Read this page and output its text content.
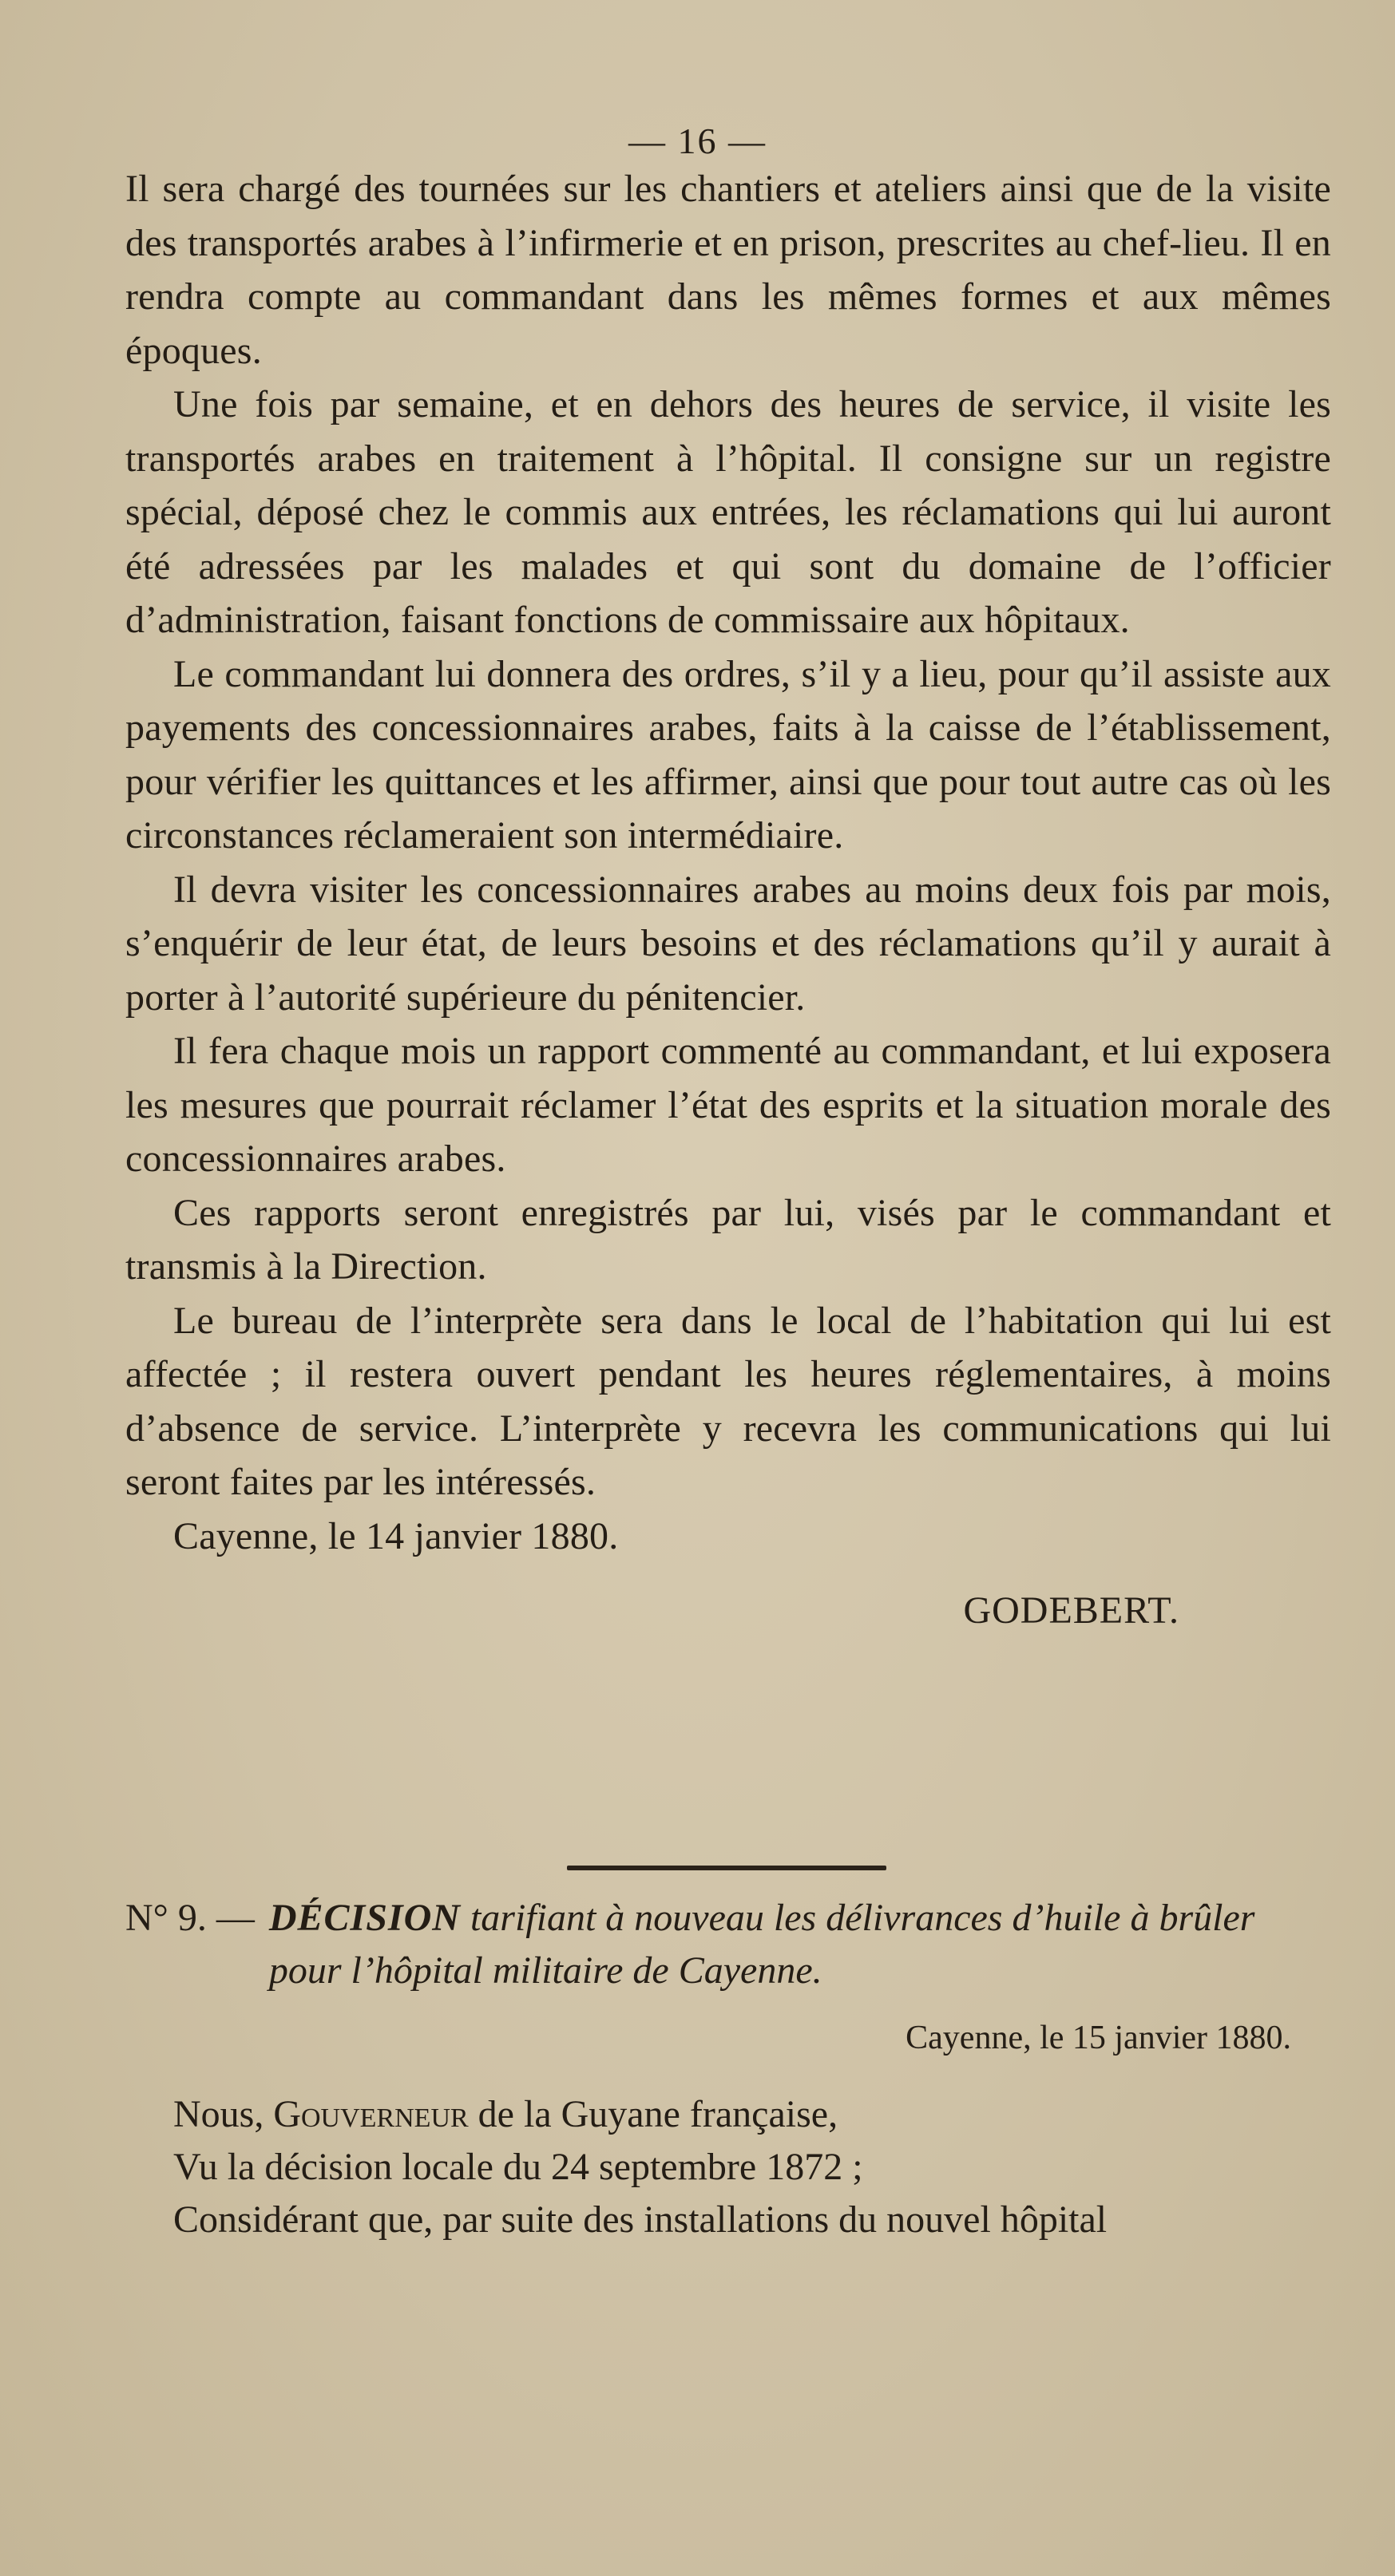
— 16 —

Il sera chargé des tournées sur les chantiers et ateliers ainsi que de la visite des transportés arabes à l’infirmerie et en prison, prescrites au chef-lieu. Il en rendra compte au commandant dans les mêmes formes et aux mêmes époques.

Une fois par semaine, et en dehors des heures de service, il visite les transportés arabes en traitement à l’hôpital. Il consigne sur un registre spécial, déposé chez le commis aux entrées, les réclamations qui lui auront été adressées par les malades et qui sont du domaine de l’officier d’administration, faisant fonctions de commissaire aux hôpitaux.

Le commandant lui donnera des ordres, s’il y a lieu, pour qu’il assiste aux payements des concessionnaires arabes, faits à la caisse de l’établissement, pour vérifier les quittances et les affirmer, ainsi que pour tout autre cas où les circonstances réclameraient son intermédiaire.

Il devra visiter les concessionnaires arabes au moins deux fois par mois, s’enquérir de leur état, de leurs besoins et des réclamations qu’il y aurait à porter à l’autorité supérieure du pénitencier.

Il fera chaque mois un rapport commenté au commandant, et lui exposera les mesures que pourrait réclamer l’état des esprits et la situation morale des concessionnaires arabes.

Ces rapports seront enregistrés par lui, visés par le commandant et transmis à la Direction.

Le bureau de l’interprète sera dans le local de l’habitation qui lui est affectée ; il restera ouvert pendant les heures réglementaires, à moins d’absence de service. L’interprète y recevra les communications qui lui seront faites par les intéressés.

Cayenne, le 14 janvier 1880.

GODEBERT.

N° 9. — DÉCISION tarifiant à nouveau les délivrances d’huile à brûler pour l’hôpital militaire de Cayenne.
Cayenne, le 15 janvier 1880.

Nous, Gouverneur de la Guyane française,

Vu la décision locale du 24 septembre 1872 ;

Considérant que, par suite des installations du nouvel hôpital
